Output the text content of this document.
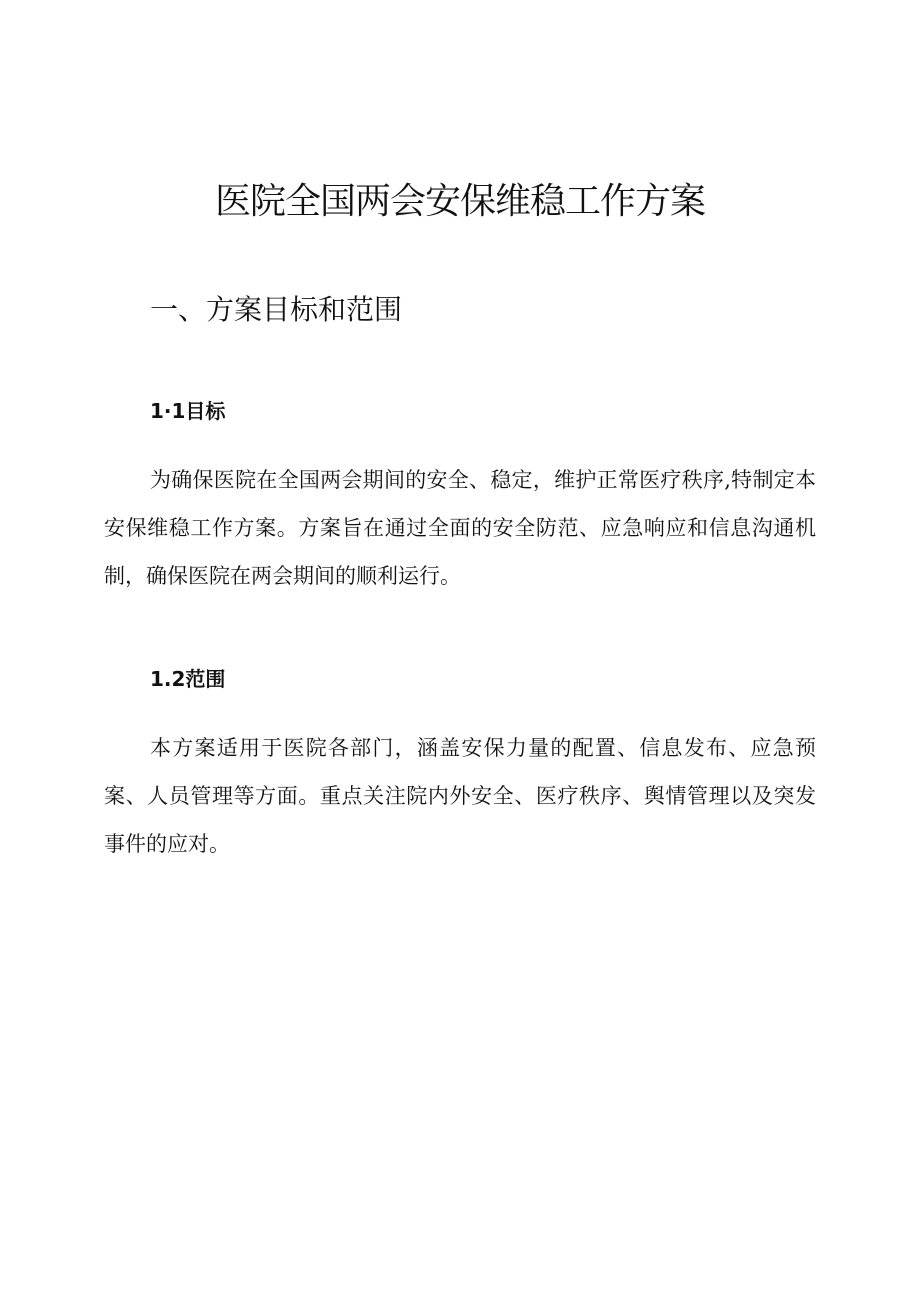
医院全国两会安保维稳工作方案
一、方案目标和范围
1·1目标

为确保医院在全国两会期间的安全、稳定，维护正常医疗秩序,特制定本安保维稳工作方案。方案旨在通过全面的安全防范、应急响应和信息沟通机制，确保医院在两会期间的顺利运行。

1.2范围

本方案适用于医院各部门，涵盖安保力量的配置、信息发布、应急预案、人员管理等方面。重点关注院内外安全、医疗秩序、舆情管理以及突发事件的应对。
